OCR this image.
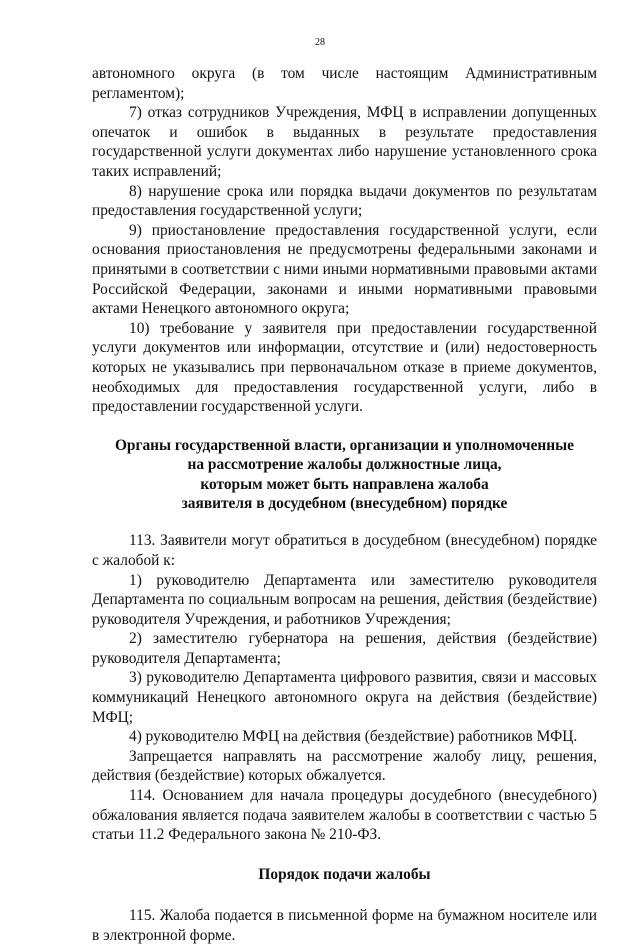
28

автономного округа (в том числе настоящим Административным регламентом);

7) отказ сотрудников Учреждения, МФЦ в исправлении допущенных опечаток и ошибок в выданных в результате предоставления государственной услуги документах либо нарушение установленного срока таких исправлений;

8) нарушение срока или порядка выдачи документов по результатам предоставления государственной услуги;

9) приостановление предоставления государственной услуги, если основания приостановления не предусмотрены федеральными законами и принятыми в соответствии с ними иными нормативными правовыми актами Российской Федерации, законами и иными нормативными правовыми актами Ненецкого автономного округа;

10) требование у заявителя при предоставлении государственной услуги документов или информации, отсутствие и (или) недостоверность которых не указывались при первоначальном отказе в приеме документов, необходимых для предоставления государственной услуги, либо в предоставлении государственной услуги.

Органы государственной власти, организации и уполномоченные

на рассмотрение жалобы должностные лица,

которым может быть направлена жалоба

заявителя в досудебном (внесудебном) порядке

113. Заявители могут обратиться в досудебном (внесудебном) порядке с жалобой к:

1) руководителю Департамента или заместителю руководителя Департамента по социальным вопросам на решения, действия (бездействие) руководителя Учреждения, и работников Учреждения;

2) заместителю губернатора на решения, действия (бездействие) руководителя Департамента;

3) руководителю Департамента цифрового развития, связи и массовых коммуникаций Ненецкого автономного округа на действия (бездействие) МФЦ;

4) руководителю МФЦ на действия (бездействие) работников МФЦ.

Запрещается направлять на рассмотрение жалобу лицу, решения, действия (бездействие) которых обжалуется.

114. Основанием для начала процедуры досудебного (внесудебного) обжалования является подача заявителем жалобы в соответствии с частью 5 статьи 11.2 Федерального закона № 210-ФЗ.

Порядок подачи жалобы

115. Жалоба подается в письменной форме на бумажном носителе или в электронной форме.
